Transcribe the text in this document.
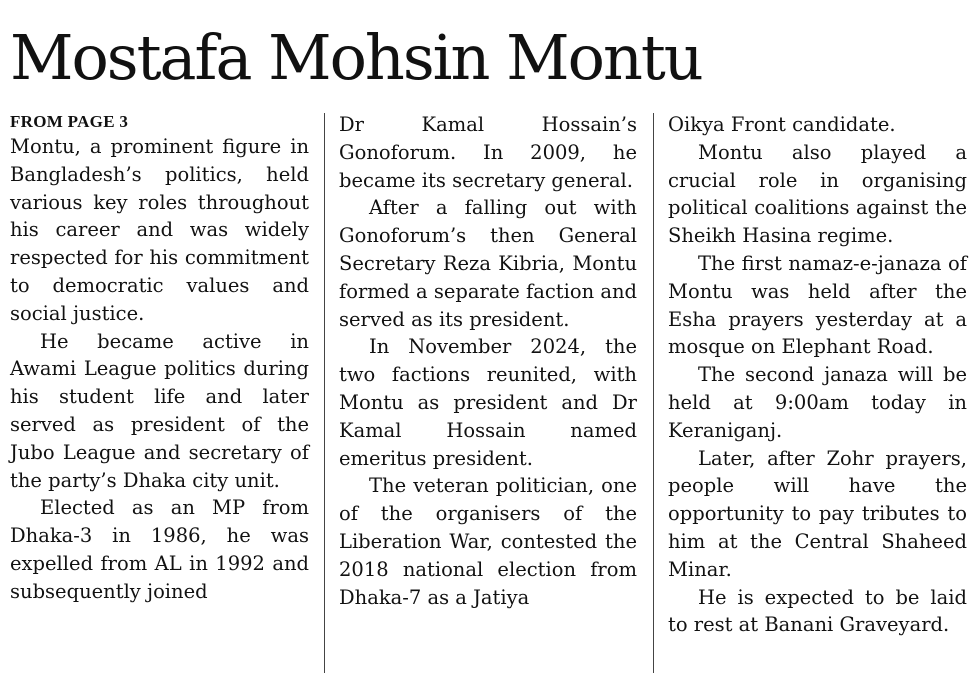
Mostafa Mohsin Montu
FROM PAGE 3

Montu, a prominent figure in Bangladesh’s politics, held various key roles throughout his career and was widely respected for his commitment to democratic values and social justice.

He became active in Awami League politics during his student life and later served as president of the Jubo League and secretary of the party’s Dhaka city unit.

Elected as an MP from Dhaka-3 in 1986, he was expelled from AL in 1992 and subsequently joined

Dr Kamal Hossain’s Gonoforum. In 2009, he became its secretary general.

After a falling out with Gonoforum’s then General Secretary Reza Kibria, Montu formed a separate faction and served as its president.

In November 2024, the two factions reunited, with Montu as president and Dr Kamal Hossain named emeritus president.

The veteran politician, one of the organisers of the Liberation War, contested the 2018 national election from Dhaka-7 as a Jatiya

Oikya Front candidate.

Montu also played a crucial role in organising political coalitions against the Sheikh Hasina regime.

The first namaz-e-janaza of Montu was held after the Esha prayers yesterday at a mosque on Elephant Road.

The second janaza will be held at 9:00am today in Keraniganj.

Later, after Zohr prayers, people will have the opportunity to pay tributes to him at the Central Shaheed Minar.

He is expected to be laid to rest at Banani Graveyard.
